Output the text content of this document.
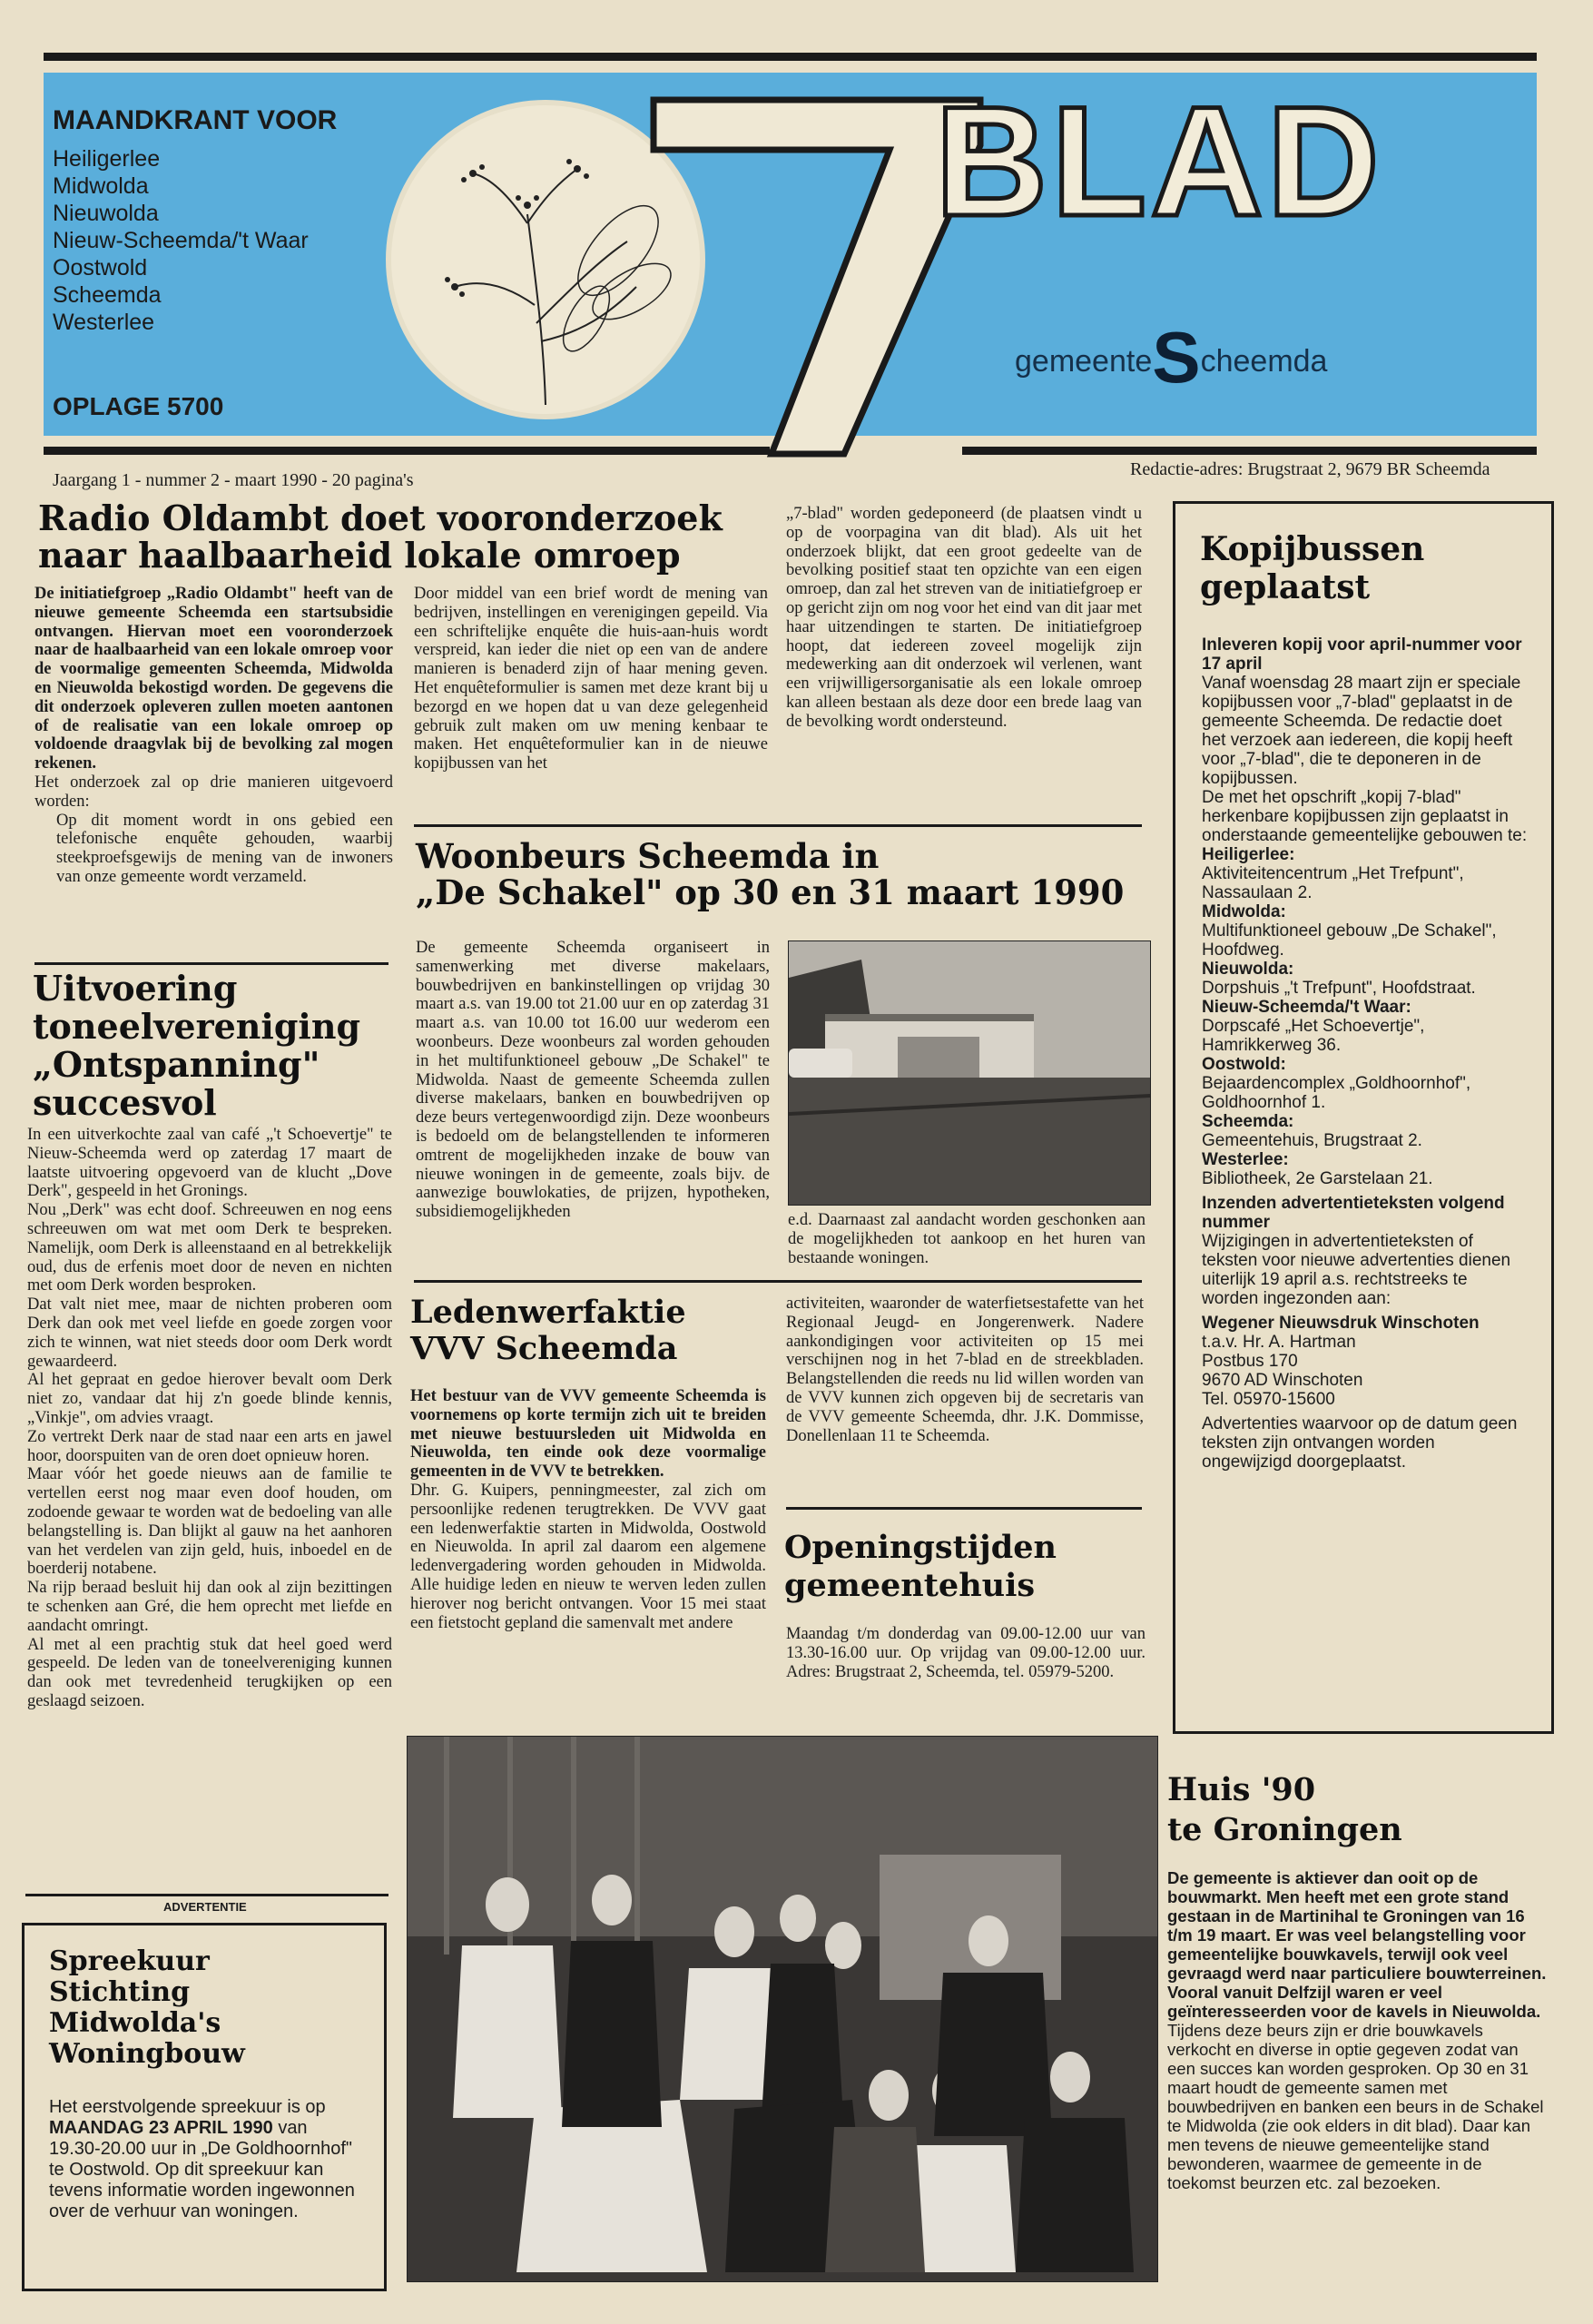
BLAD
gemeenteScheemda
MAANDKRANT VOOR
Heiligerlee
Midwolda
Nieuwolda
Nieuw-Scheemda/'t Waar
Oostwold
Scheemda
Westerlee
OPLAGE 5700
Jaargang 1 - nummer 2 - maart 1990 - 20 pagina's
Redactie-adres: Brugstraat 2, 9679 BR Scheemda
Radio Oldambt doet vooronderzoek
naar haalbaarheid lokale omroep

De initiatiefgroep „Radio Oldambt" heeft van de nieuwe gemeente Scheemda een startsubsidie ontvangen. Hiervan moet een vooronderzoek naar de haalbaarheid van een lokale omroep voor de voormalige gemeenten Scheemda, Midwolda en Nieuwolda bekostigd worden. De gegevens die dit onderzoek opleveren zullen moeten aantonen of de realisatie van een lokale omroep op voldoende draagvlak bij de bevolking zal mogen rekenen.

Het onderzoek zal op drie manieren uitgevoerd worden:

Op dit moment wordt in ons gebied een telefonische enquête gehouden, waarbij steekproefsgewijs de mening van de inwoners van onze gemeente wordt verzameld.

Door middel van een brief wordt de mening van bedrijven, instellingen en verenigingen gepeild. Via een schriftelijke enquête die huis-aan-huis wordt verspreid, kan ieder die niet op een van de andere manieren is benaderd zijn of haar mening geven. Het enquêteformulier is samen met deze krant bij u bezorgd en we hopen dat u van deze gelegenheid gebruik zult maken om uw mening kenbaar te maken. Het enquêteformulier kan in de nieuwe kopijbussen van het

„7-blad" worden gedeponeerd (de plaatsen vindt u op de voorpagina van dit blad). Als uit het onderzoek blijkt, dat een groot gedeelte van de bevolking positief staat ten opzichte van een eigen omroep, dan zal het streven van de initiatiefgroep er op gericht zijn om nog voor het eind van dit jaar met haar uitzendingen te starten. De initiatiefgroep hoopt, dat iedereen zoveel mogelijk zijn medewerking aan dit onderzoek wil verlenen, want een vrijwilligersorganisatie als een lokale omroep kan alleen bestaan als deze door een brede laag van de bevolking wordt ondersteund.

Uitvoering
toneelvereniging
„Ontspanning"
succesvol

In een uitverkochte zaal van café „'t Schoevertje" te Nieuw-Scheemda werd op zaterdag 17 maart de laatste uitvoering opgevoerd van de klucht „Dove Derk", gespeeld in het Gronings.

Nou „Derk" was echt doof. Schreeuwen en nog eens schreeuwen om wat met oom Derk te bespreken. Namelijk, oom Derk is alleenstaand en al betrekkelijk oud, dus de erfenis moet door de neven en nichten met oom Derk worden besproken.

Dat valt niet mee, maar de nichten proberen oom Derk dan ook met veel liefde en goede zorgen voor zich te winnen, wat niet steeds door oom Derk wordt gewaardeerd.

Al het gepraat en gedoe hierover bevalt oom Derk niet zo, vandaar dat hij z'n goede blinde kennis, „Vinkje", om advies vraagt.

Zo vertrekt Derk naar de stad naar een arts en jawel hoor, doorspuiten van de oren doet opnieuw horen.

Maar vóór het goede nieuws aan de familie te vertellen eerst nog maar even doof houden, om zodoende gewaar te worden wat de bedoeling van alle belangstelling is. Dan blijkt al gauw na het aanhoren van het verdelen van zijn geld, huis, inboedel en de boerderij notabene.

Na rijp beraad besluit hij dan ook al zijn bezittingen te schenken aan Gré, die hem oprecht met liefde en aandacht omringt.

Al met al een prachtig stuk dat heel goed werd gespeeld. De leden van de toneelvereniging kunnen dan ook met tevredenheid terugkijken op een geslaagd seizoen.

ADVERTENTIE
Spreekuur
Stichting
Midwolda's
Woningbouw
Het eerstvolgende spreekuur is op MAANDAG 23 APRIL 1990 van 19.30-20.00 uur in „De Goldhoornhof" te Oostwold. Op dit spreekuur kan tevens informatie worden ingewonnen over de verhuur van woningen.
Woonbeurs Scheemda in
„De Schakel" op 30 en 31 maart 1990

De gemeente Scheemda organiseert in samenwerking met diverse makelaars, bouwbedrijven en bankinstellingen op vrijdag 30 maart a.s. van 19.00 tot 21.00 uur en op zaterdag 31 maart a.s. van 10.00 tot 16.00 uur wederom een woonbeurs. Deze woonbeurs zal worden gehouden in het multifunktioneel gebouw „De Schakel" te Midwolda. Naast de gemeente Scheemda zullen diverse makelaars, banken en bouwbedrijven op deze beurs vertegenwoordigd zijn. Deze woonbeurs is bedoeld om de belangstellenden te informeren omtrent de mogelijkheden inzake de bouw van nieuwe woningen in de gemeente, zoals bijv. de aanwezige bouwlokaties, de prijzen, hypotheken, subsidiemogelijkheden	e.d. Daarnaast zal aandacht worden geschonken aan de mogelijkheden tot aankoop en het huren van bestaande woningen.

Ledenwerfaktie
VVV Scheemda

Het bestuur van de VVV gemeente Scheemda is voornemens op korte termijn zich uit te breiden met nieuwe bestuursleden uit Midwolda en Nieuwolda, ten einde ook deze voormalige gemeenten in de VVV te betrekken.

Dhr. G. Kuipers, penningmeester, zal zich om persoonlijke redenen terugtrekken. De VVV gaat een ledenwerfaktie starten in Midwolda, Oostwold en Nieuwolda. In april zal daarom een algemene ledenvergadering worden gehouden in Midwolda. Alle huidige leden en nieuw te werven leden zullen hierover nog bericht ontvangen. Voor 15 mei staat een fietstocht gepland die samenvalt met andere

activiteiten, waaronder de waterfietsestafette van het Regionaal Jeugd- en Jongerenwerk. Nadere aankondigingen voor activiteiten op 15 mei verschijnen nog in het 7-blad en de streekbladen. Belangstellenden die reeds nu lid willen worden van de VVV kunnen zich opgeven bij de secretaris van de VVV gemeente Scheemda, dhr. J.K. Dommisse, Donellenlaan 11 te Scheemda.

Openingstijden
gemeentehuis

Maandag t/m donderdag van 09.00-12.00 uur van 13.30-16.00 uur. Op vrijdag van 09.00-12.00 uur. Adres: Brugstraat 2, Scheemda, tel. 05979-5200.

Kopijbussen
geplaatst

Inleveren kopij voor april-nummer voor 17 april

Vanaf woensdag 28 maart zijn er speciale kopijbussen voor „7-blad" geplaatst in de gemeente Scheemda. De redactie doet het verzoek aan iedereen, die kopij heeft voor „7-blad", die te deponeren in de kopijbussen.

De met het opschrift „kopij 7-blad" herkenbare kopijbussen zijn geplaatst in onderstaande gemeentelijke gebouwen te:

Heiligerlee:
Aktiviteitencentrum „Het Trefpunt", Nassaulaan 2.
Midwolda:
Multifunktioneel gebouw „De Schakel", Hoofdweg.
Nieuwolda:
Dorpshuis „'t Trefpunt", Hoofdstraat.
Nieuw-Scheemda/'t Waar:
Dorpscafé „Het Schoevertje", Hamrikkerweg 36.
Oostwold:
Bejaardencomplex „Goldhoornhof", Goldhoornhof 1.
Scheemda:
Gemeentehuis, Brugstraat 2.
Westerlee:
Bibliotheek, 2e Garstelaan 21.

Inzenden advertentieteksten volgend nummer

Wijzigingen in advertentieteksten of teksten voor nieuwe advertenties dienen uiterlijk 19 april a.s. rechtstreeks te worden ingezonden aan:

Wegener Nieuwsdruk Winschoten

t.a.v. Hr. A. Hartman
Postbus 170
9670 AD Winschoten
Tel. 05970-15600

Advertenties waarvoor op de datum geen teksten zijn ontvangen worden ongewijzigd doorgeplaatst.

Huis '90
te Groningen

De gemeente is aktiever dan ooit op de bouwmarkt. Men heeft met een grote stand gestaan in de Martinihal te Groningen van 16 t/m 19 maart. Er was veel belangstelling voor gemeentelijke bouwkavels, terwijl ook veel gevraagd werd naar particuliere bouwterreinen. Vooral vanuit Delfzijl waren er veel geïnteresseerden voor de kavels in Nieuwolda.

Tijdens deze beurs zijn er drie bouwkavels verkocht en diverse in optie gegeven zodat van een succes kan worden gesproken. Op 30 en 31 maart houdt de gemeente samen met bouwbedrijven en banken een beurs in de Schakel te Midwolda (zie ook elders in dit blad). Daar kan men tevens de nieuwe gemeentelijke stand bewonderen, waarmee de gemeente in de toekomst beurzen etc. zal bezoeken.
